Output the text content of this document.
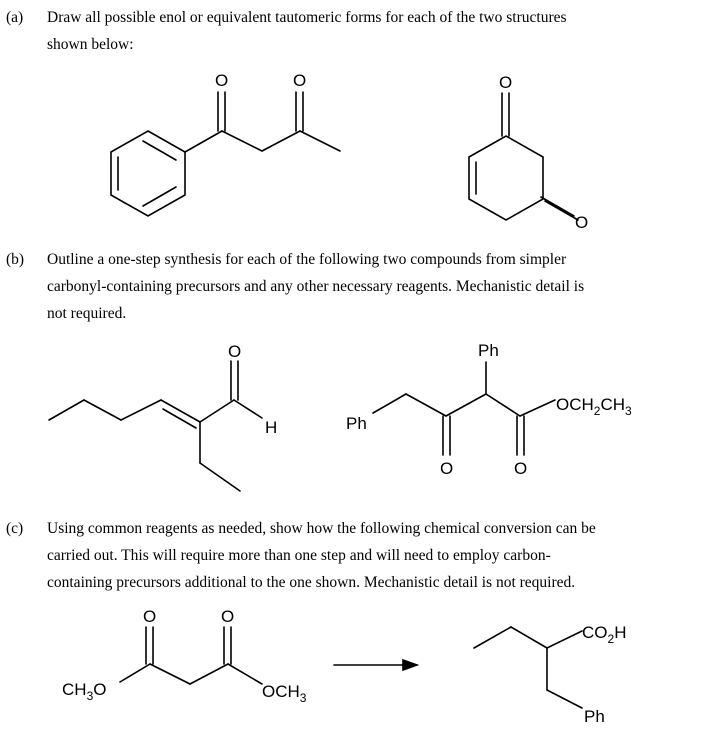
(a) Draw all possible enol or equivalent tautomeric forms for each of the two structures
shown below:
(b) Outline a one-step synthesis for each of the following two compounds from simpler
carbonyl-containing precursors and any other necessary reagents. Mechanistic detail is
not required.
(c) Using common reagents as needed, show how the following chemical conversion can be
carried out. This will require more than one step and will need to employ carbon-
containing precursors additional to the one shown. Mechanistic detail is not required.
O	O	O
O
O
H	Ph
Ph
O	O
$OCH_2CH_3$
$CH_3O$
O	O
$OCH_3$
$CO_2H$
Ph
